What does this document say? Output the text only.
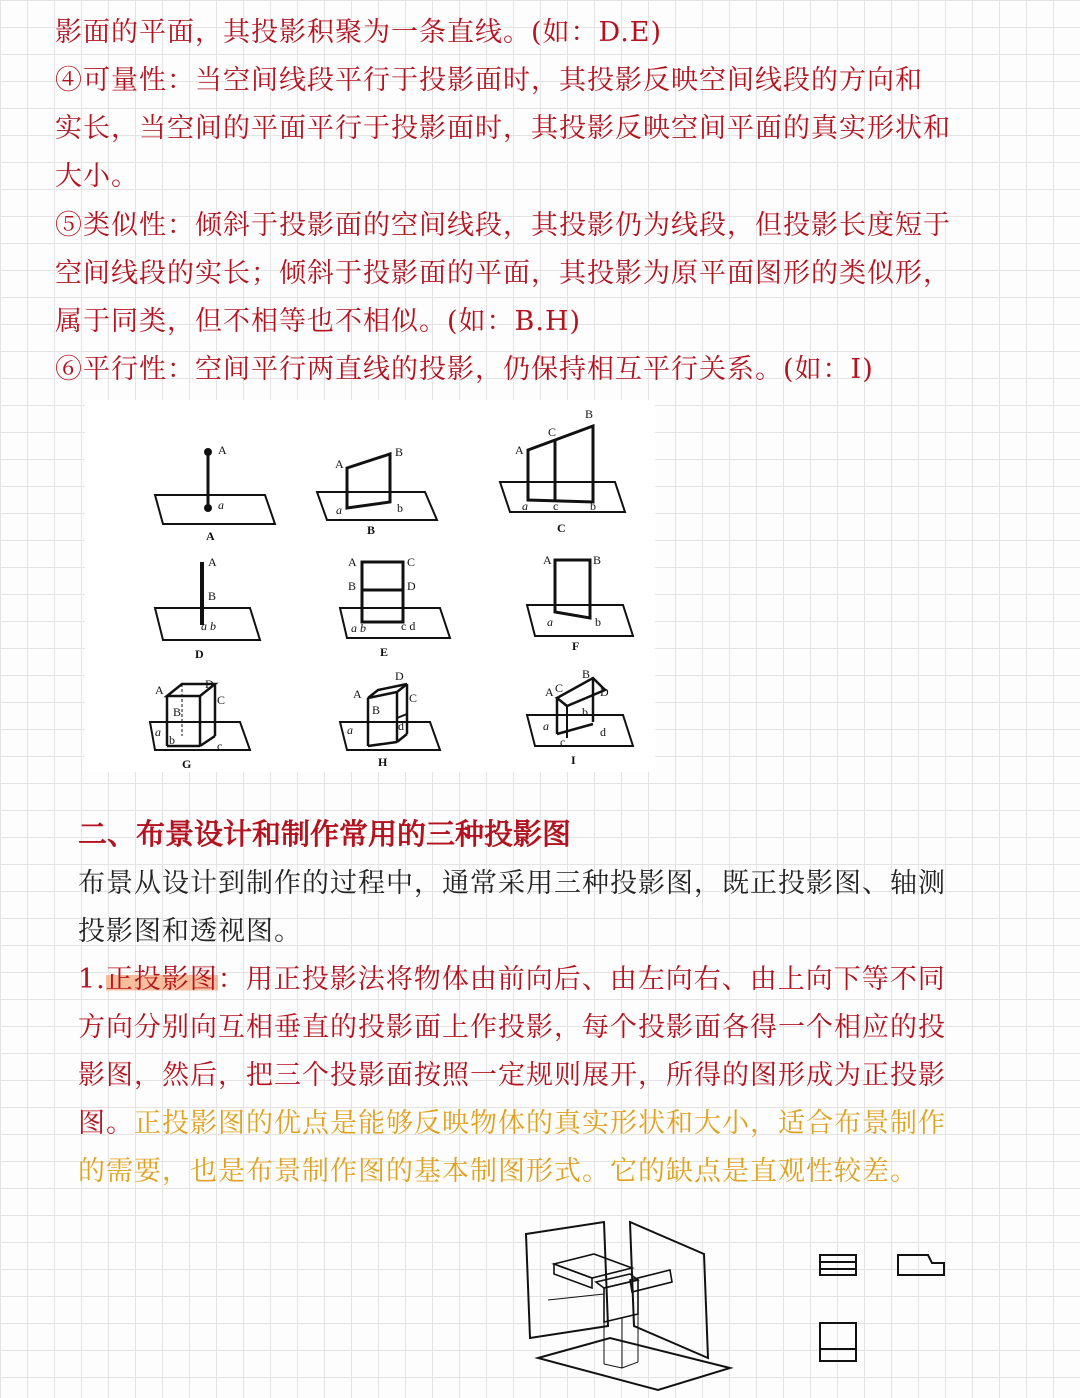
影面的平面，其投影积聚为一条直线。(如：D.E)
④可量性：当空间线段平行于投影面时，其投影反映空间线段的方向和
实长，当空间的平面平行于投影面时，其投影反映空间平面的真实形状和
大小。
⑤类似性：倾斜于投影面的空间线段，其投影仍为线段，但投影长度短于
空间线段的实长；倾斜于投影面的平面，其投影为原平面图形的类似形，
属于同类，但不相等也不相似。(如：B.H)
⑥平行性：空间平行两直线的投影，仍保持相互平行关系。(如：I)
A
a
A
A
B
a	b
B
A
C
B
a c	b
C
A
B
a b
D
A	C
B	D
a b	c d
E
A	B
a	b
F
A	D
C
B
a
b	c
G
A
D
C
B
a	d
H
A
B
D
C
a
c
b
d
I
二、布景设计和制作常用的三种投影图
布景从设计到制作的过程中，通常采用三种投影图，既正投影图、轴测
投影图和透视图。
1.正投影图：用正投影法将物体由前向后、由左向右、由上向下等不同
方向分别向互相垂直的投影面上作投影，每个投影面各得一个相应的投
影图，然后，把三个投影面按照一定规则展开，所得的图形成为正投影
图。正投影图的优点是能够反映物体的真实形状和大小，适合布景制作
的需要，也是布景制作图的基本制图形式。它的缺点是直观性较差。
